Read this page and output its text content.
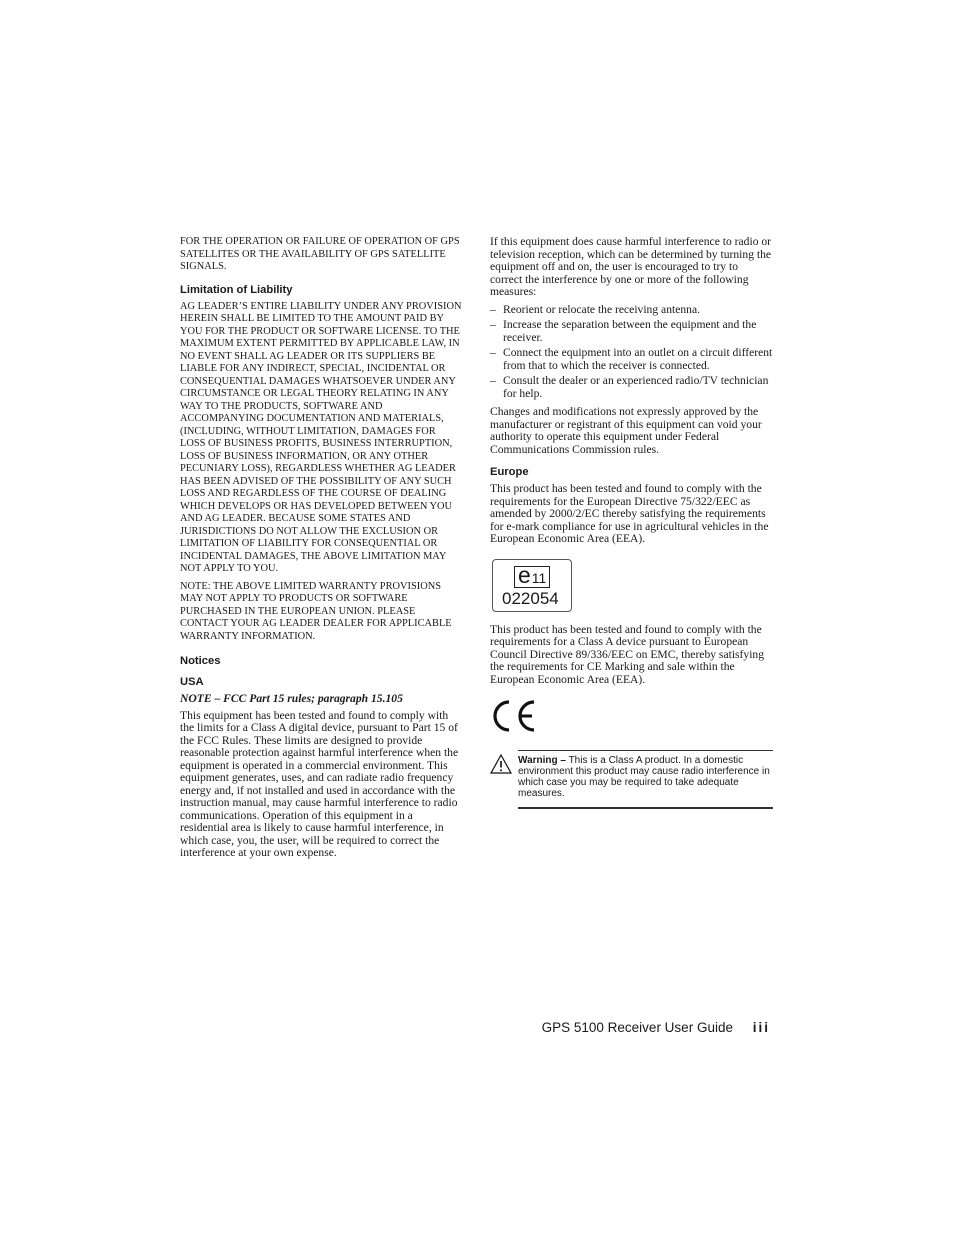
FOR THE OPERATION OR FAILURE OF OPERATION OF GPS SATELLITES OR THE AVAILABILITY OF GPS SATELLITE SIGNALS.

Limitation of Liability

AG LEADER’S ENTIRE LIABILITY UNDER ANY PROVISION HEREIN SHALL BE LIMITED TO THE AMOUNT PAID BY YOU FOR THE PRODUCT OR SOFTWARE LICENSE. TO THE MAXIMUM EXTENT PERMITTED BY APPLICABLE LAW, IN NO EVENT SHALL AG LEADER OR ITS SUPPLIERS BE LIABLE FOR ANY INDIRECT, SPECIAL, INCIDENTAL OR CONSEQUENTIAL DAMAGES WHATSOEVER UNDER ANY CIRCUMSTANCE OR LEGAL THEORY RELATING IN ANY WAY TO THE PRODUCTS, SOFTWARE AND ACCOMPANYING DOCUMENTATION AND MATERIALS, (INCLUDING, WITHOUT LIMITATION, DAMAGES FOR LOSS OF BUSINESS PROFITS, BUSINESS INTERRUPTION, LOSS OF BUSINESS INFORMATION, OR ANY OTHER PECUNIARY LOSS), REGARDLESS WHETHER AG LEADER HAS BEEN ADVISED OF THE POSSIBILITY OF ANY SUCH LOSS AND REGARDLESS OF THE COURSE OF DEALING WHICH DEVELOPS OR HAS DEVELOPED BETWEEN YOU AND AG LEADER. BECAUSE SOME STATES AND JURISDICTIONS DO NOT ALLOW THE EXCLUSION OR LIMITATION OF LIABILITY FOR CONSEQUENTIAL OR INCIDENTAL DAMAGES, THE ABOVE LIMITATION MAY NOT APPLY TO YOU.

NOTE: THE ABOVE LIMITED WARRANTY PROVISIONS MAY NOT APPLY TO PRODUCTS OR SOFTWARE PURCHASED IN THE EUROPEAN UNION. PLEASE CONTACT YOUR AG LEADER DEALER FOR APPLICABLE WARRANTY INFORMATION.

Notices
USA
NOTE – FCC Part 15 rules; paragraph 15.105

This equipment has been tested and found to comply with the limits for a Class A digital device, pursuant to Part 15 of the FCC Rules. These limits are designed to provide reasonable protection against harmful interference when the equipment is operated in a commercial environment. This equipment generates, uses, and can radiate radio frequency energy and, if not installed and used in accordance with the instruction manual, may cause harmful interference to radio communications. Operation of this equipment in a residential area is likely to cause harmful interference, in which case, you, the user, will be required to correct the interference at your own expense.

If this equipment does cause harmful interference to radio or television reception, which can be determined by turning the equipment off and on, the user is encouraged to try to correct the interference by one or more of the following measures:

– Reorient or relocate the receiving antenna.
– Increase the separation between the equipment and the receiver.
– Connect the equipment into an outlet on a circuit different from that to which the receiver is connected.
– Consult the dealer or an experienced radio/TV technician for help.

Changes and modifications not expressly approved by the manufacturer or registrant of this equipment can void your authority to operate this equipment under Federal Communications Commission rules.

Europe

This product has been tested and found to comply with the requirements for the European Directive 75/322/EEC as amended by 2000/2/EC thereby satisfying the requirements for e-mark compliance for use in agricultural vehicles in the European Economic Area (EEA).

e 11
022054

This product has been tested and found to comply with the requirements for a Class A device pursuant to European Council Directive 89/336/EEC on EMC, thereby satisfying the requirements for CE Marking and sale within the European Economic Area (EEA).

Warning – This is a Class A product. In a domestic environment this product may cause radio interference in which case you may be required to take adequate measures.
GPS 5100 Receiver User Guide iii
